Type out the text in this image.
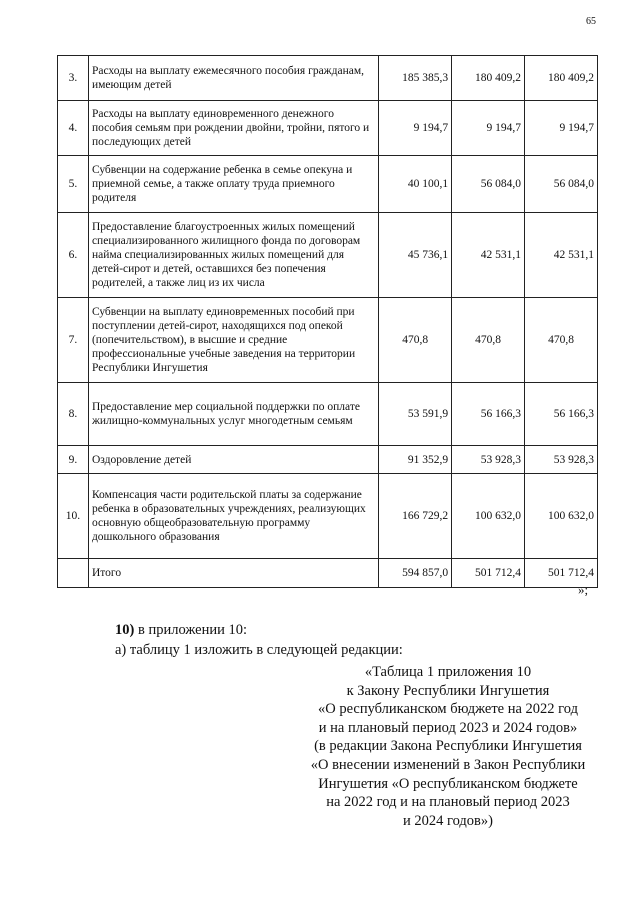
65
3.	Расходы на выплату ежемесячного пособия гражданам, имеющим детей	185 385,3	180 409,2	180 409,2
4.	Расходы на выплату единовременного денежного пособия семьям при рождении двойни, тройни, пятого и последующих детей	9 194,7	9 194,7	9 194,7
5.	Субвенции на содержание ребенка в семье опекуна и приемной семье, а также оплату труда приемного родителя	40 100,1	56 084,0	56 084,0
6.	Предоставление благоустроенных жилых помещений специализированного жилищного фонда по договорам найма специализированных жилых помещений для детей-сирот и детей, оставшихся без попечения родителей, а также лиц из их числа	45 736,1	42 531,1	42 531,1
7.	Субвенции на выплату единовременных пособий при поступлении детей-сирот, находящихся под опекой (попечительством), в высшие и средние профессиональные учебные заведения на территории Республики Ингушетия	470,8	470,8	470,8
8.	Предоставление мер социальной поддержки по оплате жилищно-коммунальных услуг многодетным семьям	53 591,9	56 166,3	56 166,3
9.	Оздоровление детей	91 352,9	53 928,3	53 928,3
10.	Компенсация части родительской платы за содержание ребенка в образовательных учреждениях, реализующих основную общеобразовательную программу дошкольного образования	166 729,2	100 632,0	100 632,0
	Итого	594 857,0	501 712,4	501 712,4
»;
10) в приложении 10:
а) таблицу 1 изложить в следующей редакции:
«Таблица 1 приложения 10
к Закону Республики Ингушетия
«О республиканском бюджете на 2022 год
и на плановый период 2023 и 2024 годов»
(в редакции Закона Республики Ингушетия
«О внесении изменений в Закон Республики
Ингушетия «О республиканском бюджете
на 2022 год и на плановый период 2023
и 2024 годов»)
